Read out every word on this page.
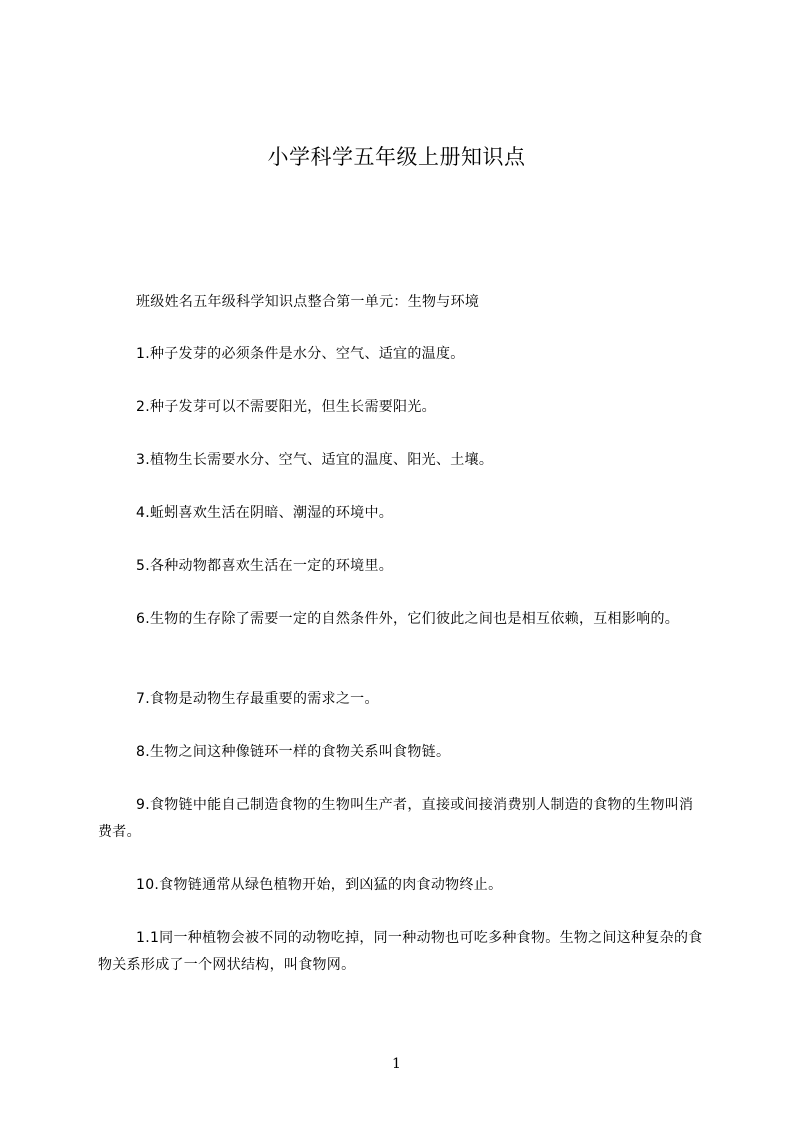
小学科学五年级上册知识点
班级姓名五年级科学知识点整合第一单元：生物与环境
1.种子发芽的必须条件是水分、空气、适宜的温度。
2.种子发芽可以不需要阳光，但生长需要阳光。
3.植物生长需要水分、空气、适宜的温度、阳光、土壤。
4.蚯蚓喜欢生活在阴暗、潮湿的环境中。
5.各种动物都喜欢生活在一定的环境里。
6.生物的生存除了需要一定的自然条件外，它们彼此之间也是相互依赖，互相影响的。
7.食物是动物生存最重要的需求之一。
8.生物之间这种像链环一样的食物关系叫食物链。
9.食物链中能自己制造食物的生物叫生产者，直接或间接消费别人制造的食物的生物叫消费者。
10.食物链通常从绿色植物开始，到凶猛的肉食动物终止。
1.1同一种植物会被不同的动物吃掉，同一种动物也可吃多种食物。生物之间这种复杂的食物关系形成了一个网状结构，叫食物网。
1
